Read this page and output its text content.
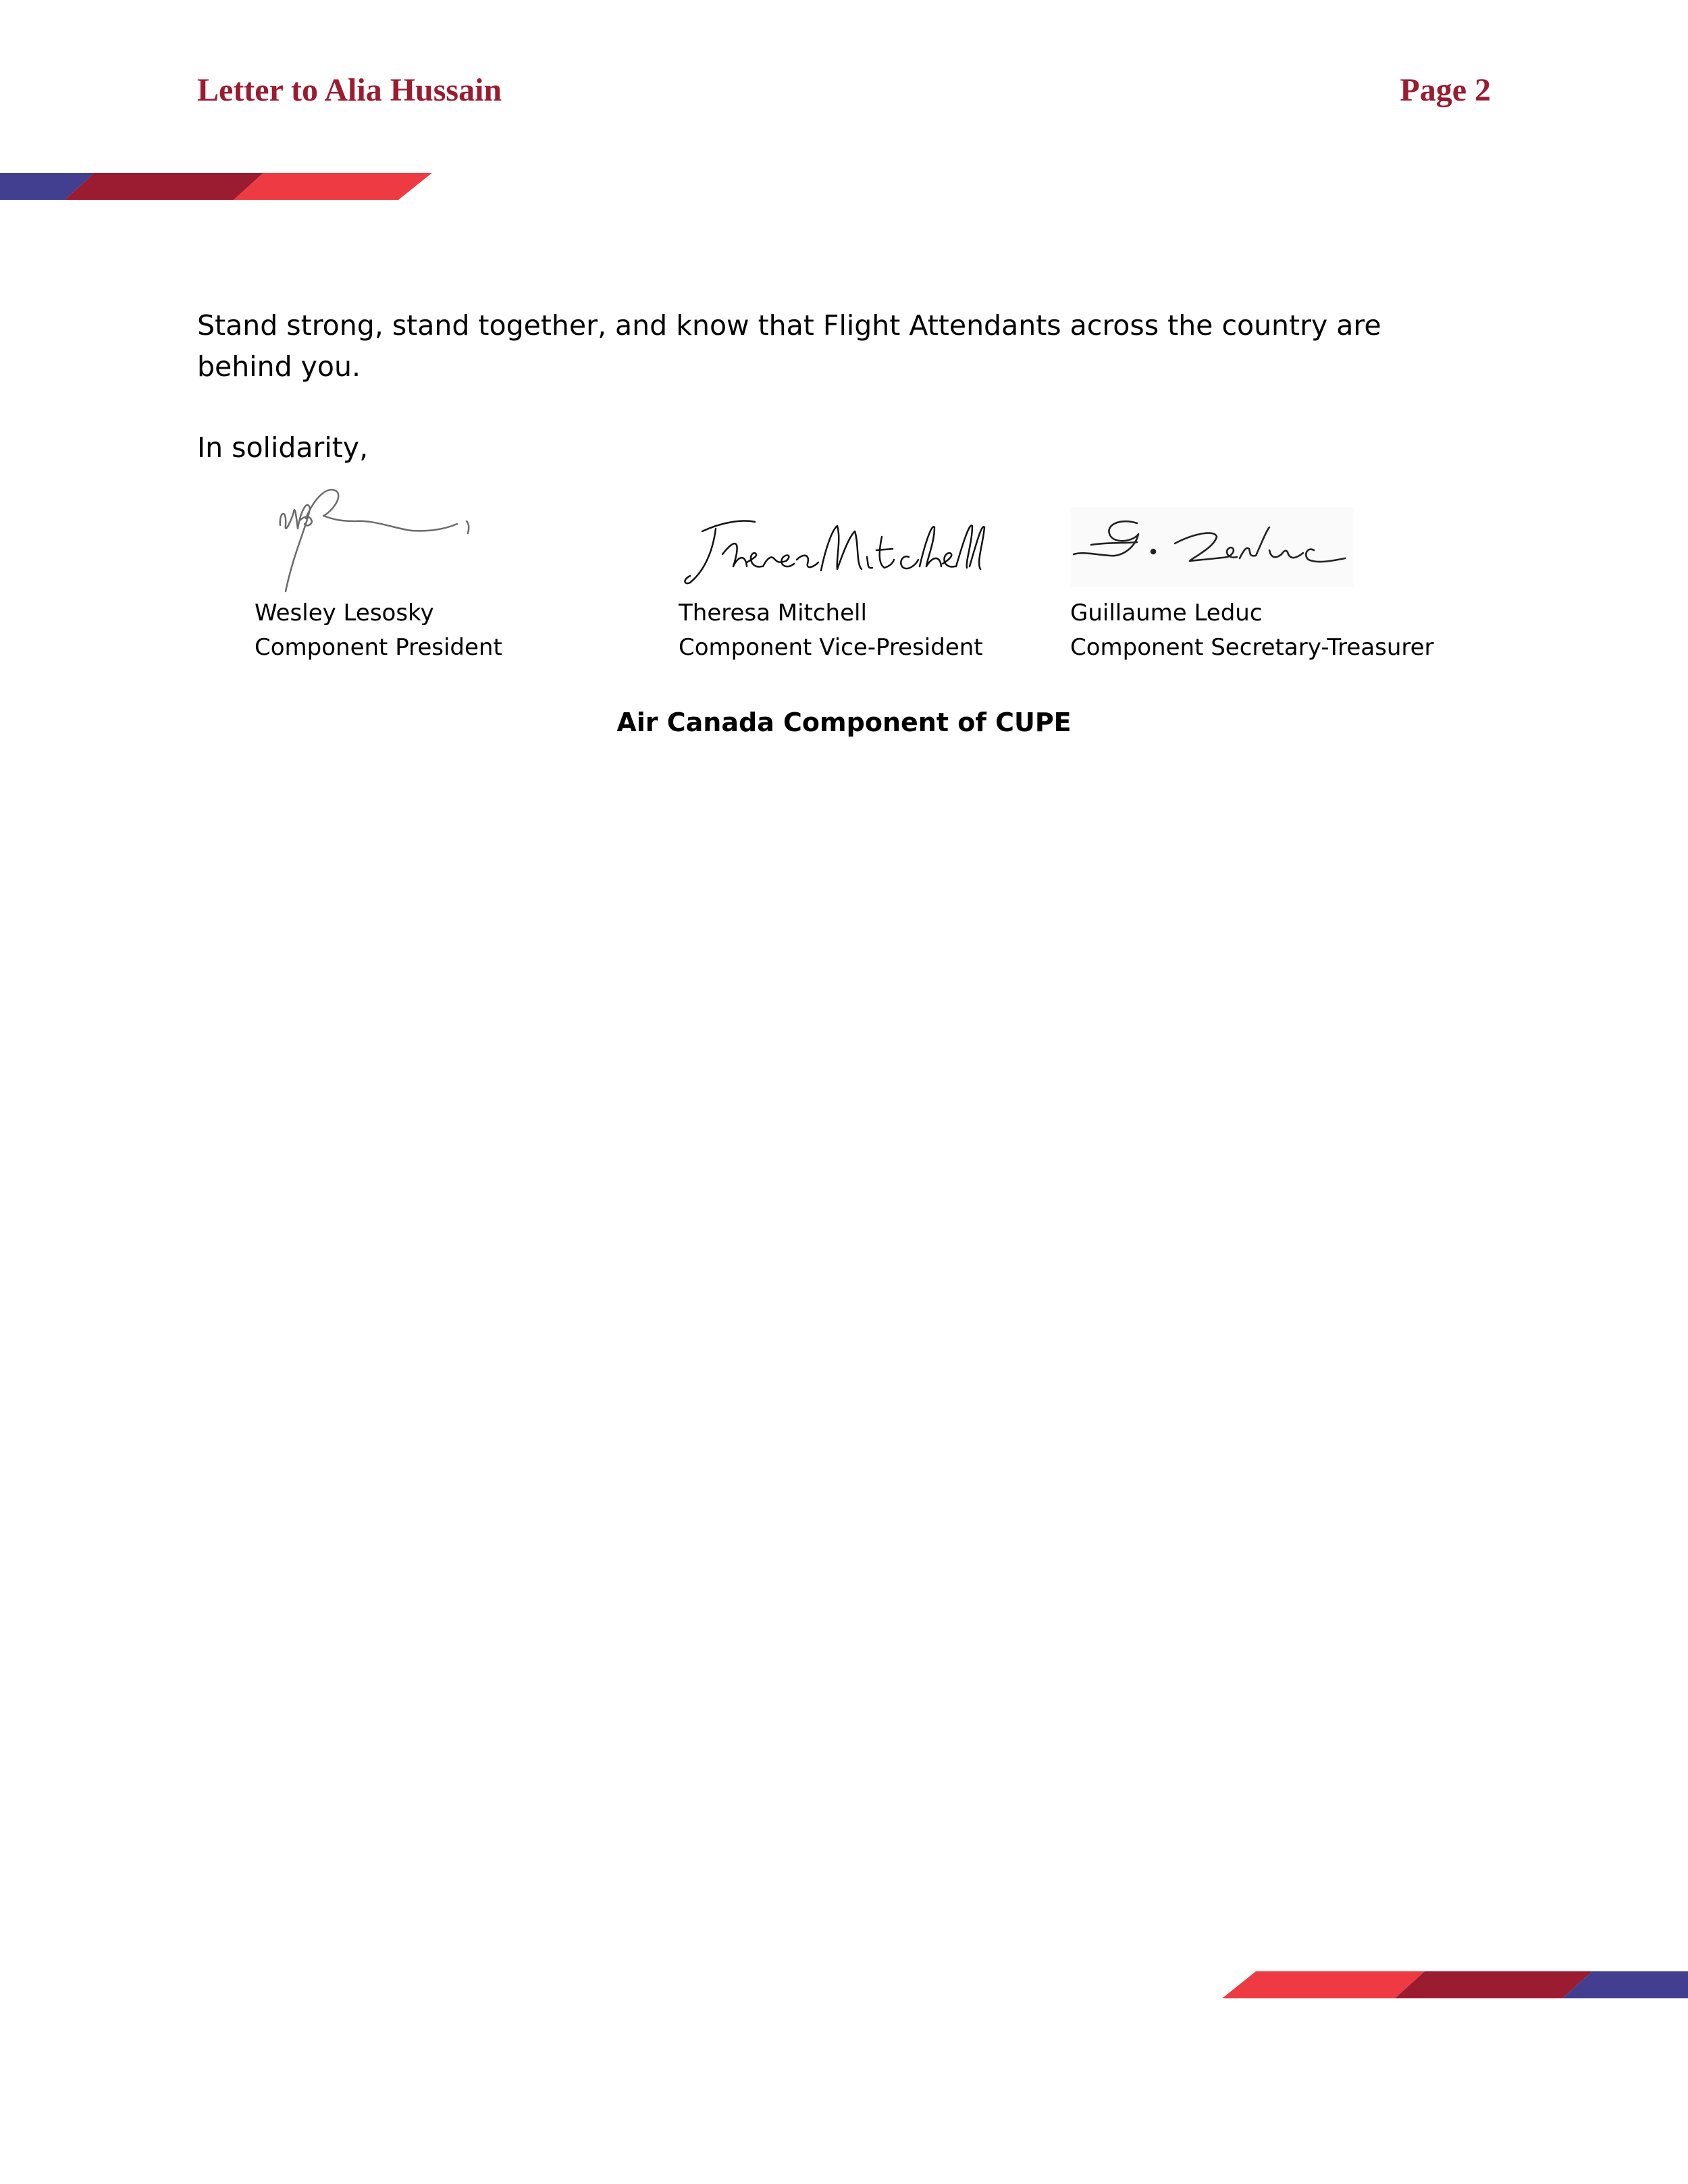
Letter to Alia Hussain	Page 2

Stand strong, stand together, and know that Flight Attendants across the country are behind you.

In solidarity,

Wesley Lesosky
Component President
Theresa Mitchell
Component Vice-President
Guillaume Leduc
Component Secretary-Treasurer
Air Canada Component of CUPE
